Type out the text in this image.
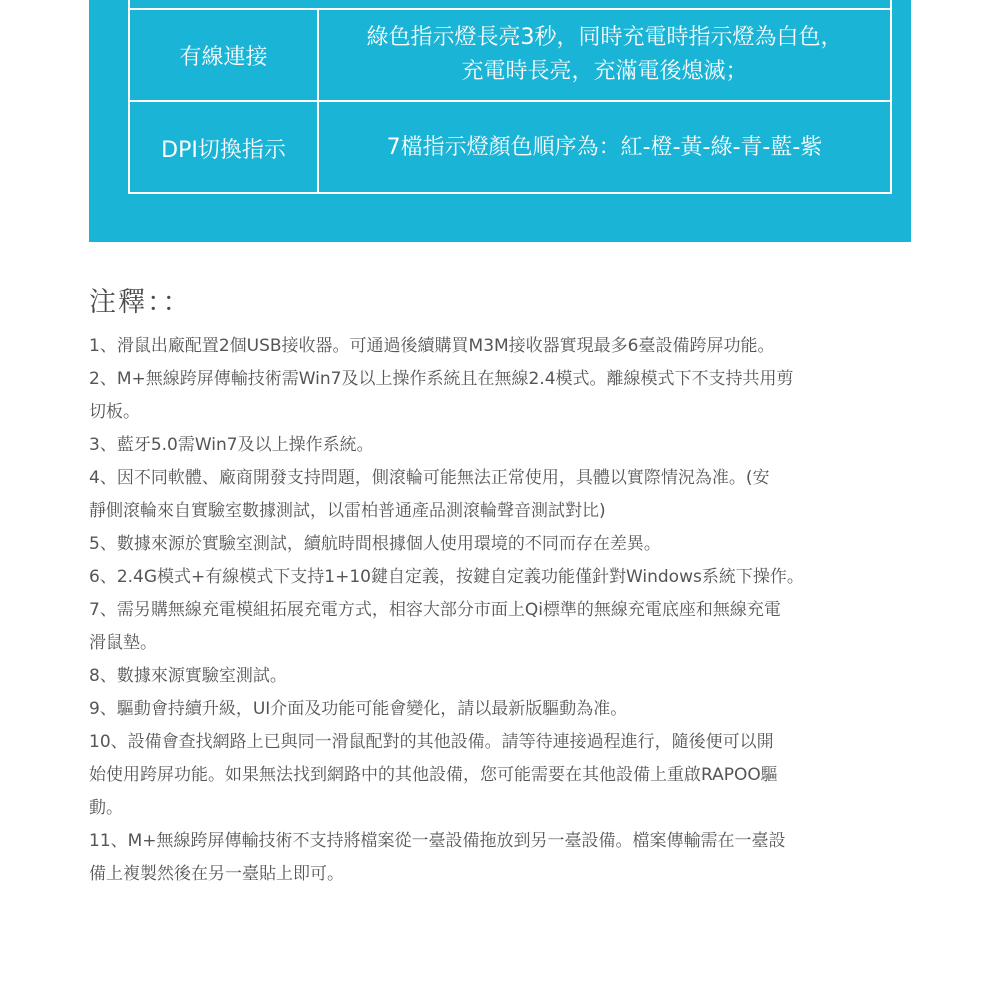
有線連接
綠色指示燈長亮3秒，同時充電時指示燈為白色，
充電時長亮，充滿電後熄滅；
DPI切換指示	7檔指示燈顏色順序為：紅-橙-黃-綠-青-藍-紫
注釋：：
1、滑鼠出廠配置2個USB接收器。可通過後續購買M3M接收器實現最多6臺設備跨屏功能。
2、M+無線跨屏傳輸技術需Win7及以上操作系統且在無線2.4模式。離線模式下不支持共用剪
切板。
3、藍牙5.0需Win7及以上操作系統。
4、因不同軟體、廠商開發支持問題，側滾輪可能無法正常使用，具體以實際情況為准。(安
靜側滾輪來自實驗室數據測試，以雷柏普通產品測滾輪聲音測試對比)
5、數據來源於實驗室測試，續航時間根據個人使用環境的不同而存在差異。
6、2.4G模式+有線模式下支持1+10鍵自定義，按鍵自定義功能僅針對Windows系統下操作。
7、需另購無線充電模組拓展充電方式，相容大部分市面上Qi標準的無線充電底座和無線充電
滑鼠墊。
8、數據來源實驗室測試。
9、驅動會持續升級，UI介面及功能可能會變化，請以最新版驅動為准。
10、設備會查找網路上已與同一滑鼠配對的其他設備。請等待連接過程進行，隨後便可以開
始使用跨屏功能。如果無法找到網路中的其他設備，您可能需要在其他設備上重啟RAPOO驅
動。
11、M+無線跨屏傳輸技術不支持將檔案從一臺設備拖放到另一臺設備。檔案傳輸需在一臺設
備上複製然後在另一臺貼上即可。
